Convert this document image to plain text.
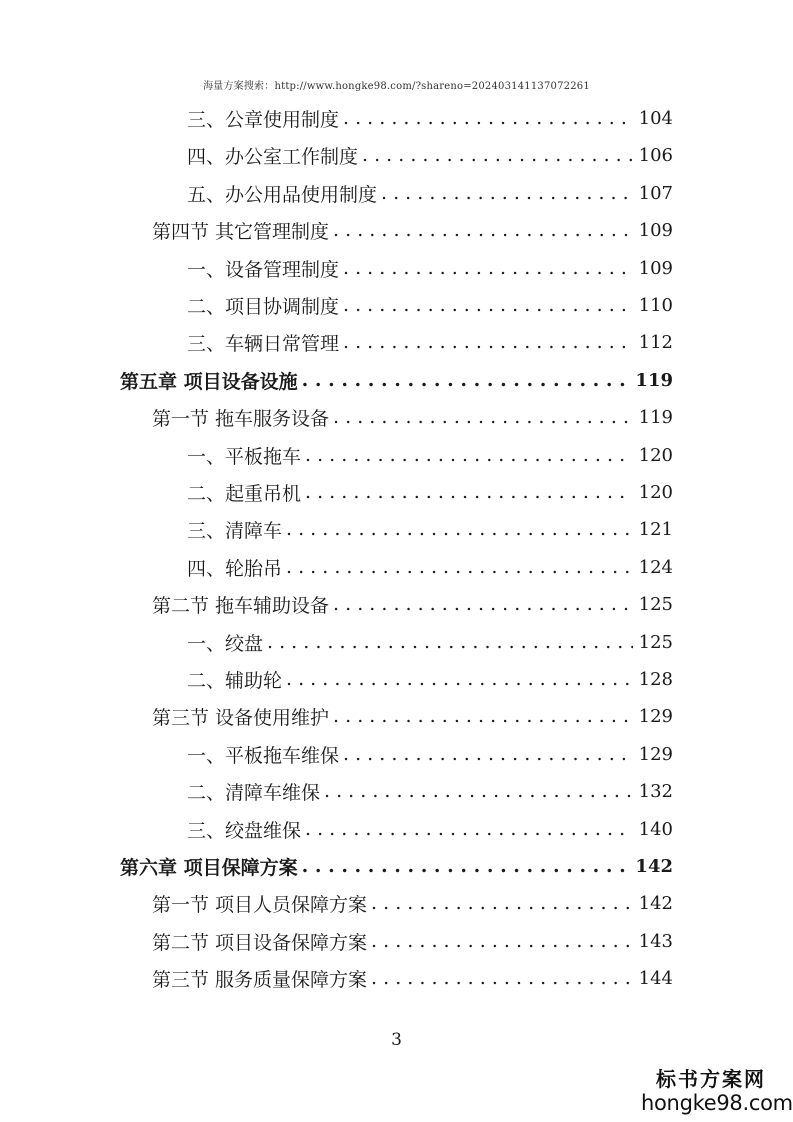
海量方案搜索：http://www.hongke98.com/?shareno=202403141137072261
三、公章使用制度 . . .	104
四、办公室工作制度 . . .	106
五、办公用品使用制度 . . .	107
第四节 其它管理制度 . . .	109
一、设备管理制度 . . .	109
二、项目协调制度 . . .	110
三、车辆日常管理 . . .	112
第五章 项目设备设施 . . .	119
第一节 拖车服务设备 . . .	119
一、平板拖车 . . .	120
二、起重吊机 . . .	120
三、清障车 . . .	121
四、轮胎吊 . . .	124
第二节 拖车辅助设备 . . .	125
一、绞盘 . . .	125
二、辅助轮 . . .	128
第三节 设备使用维护 . . .	129
一、平板拖车维保 . . .	129
二、清障车维保 . . .	132
三、绞盘维保 . . .	140
第六章 项目保障方案 . . .	142
第一节 项目人员保障方案 . . .	142
第二节 项目设备保障方案 . . .	143
第三节 服务质量保障方案 . . .	144
3
标书方案网
hongke98.com
